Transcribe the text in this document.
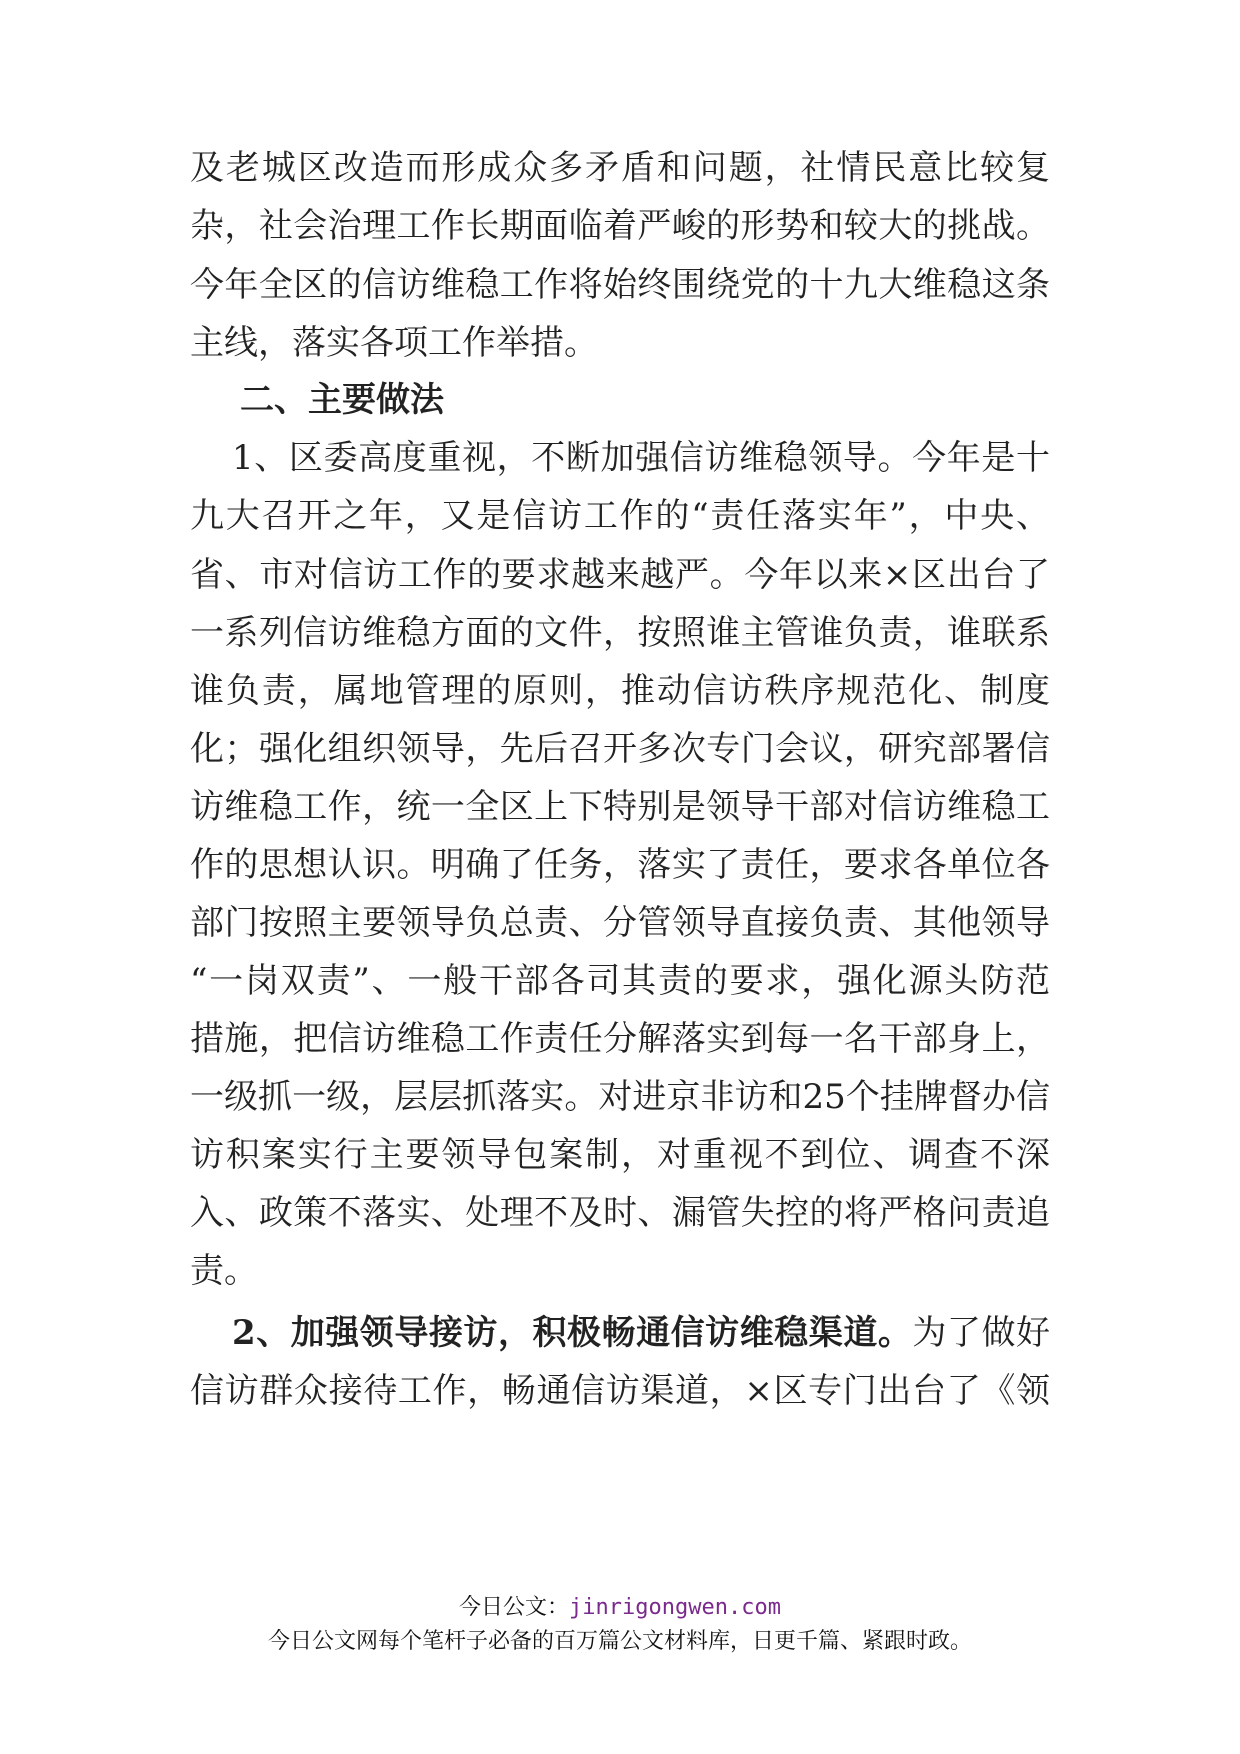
及老城区改造而形成众多矛盾和问题，社情民意比较复
杂，社会治理工作长期面临着严峻的形势和较大的挑战。
今年全区的信访维稳工作将始终围绕党的十九大维稳这条
主线，落实各项工作举措。
二、主要做法
1、区委高度重视，不断加强信访维稳领导。今年是十
九大召开之年，又是信访工作的“责任落实年”，中央、
省、市对信访工作的要求越来越严。今年以来×区出台了
一系列信访维稳方面的文件，按照谁主管谁负责，谁联系
谁负责，属地管理的原则，推动信访秩序规范化、制度
化；强化组织领导，先后召开多次专门会议，研究部署信
访维稳工作，统一全区上下特别是领导干部对信访维稳工
作的思想认识。明确了任务，落实了责任，要求各单位各
部门按照主要领导负总责、分管领导直接负责、其他领导
“一岗双责”、一般干部各司其责的要求，强化源头防范
措施，把信访维稳工作责任分解落实到每一名干部身上，
一级抓一级，层层抓落实。对进京非访和25个挂牌督办信
访积案实行主要领导包案制，对重视不到位、调查不深
入、政策不落实、处理不及时、漏管失控的将严格问责追
责。
2、加强领导接访，积极畅通信访维稳渠道。为了做好
信访群众接待工作，畅通信访渠道，×区专门出台了《领
今日公文：jinrigongwen.com
今日公文网每个笔杆子必备的百万篇公文材料库，日更千篇、紧跟时政。
